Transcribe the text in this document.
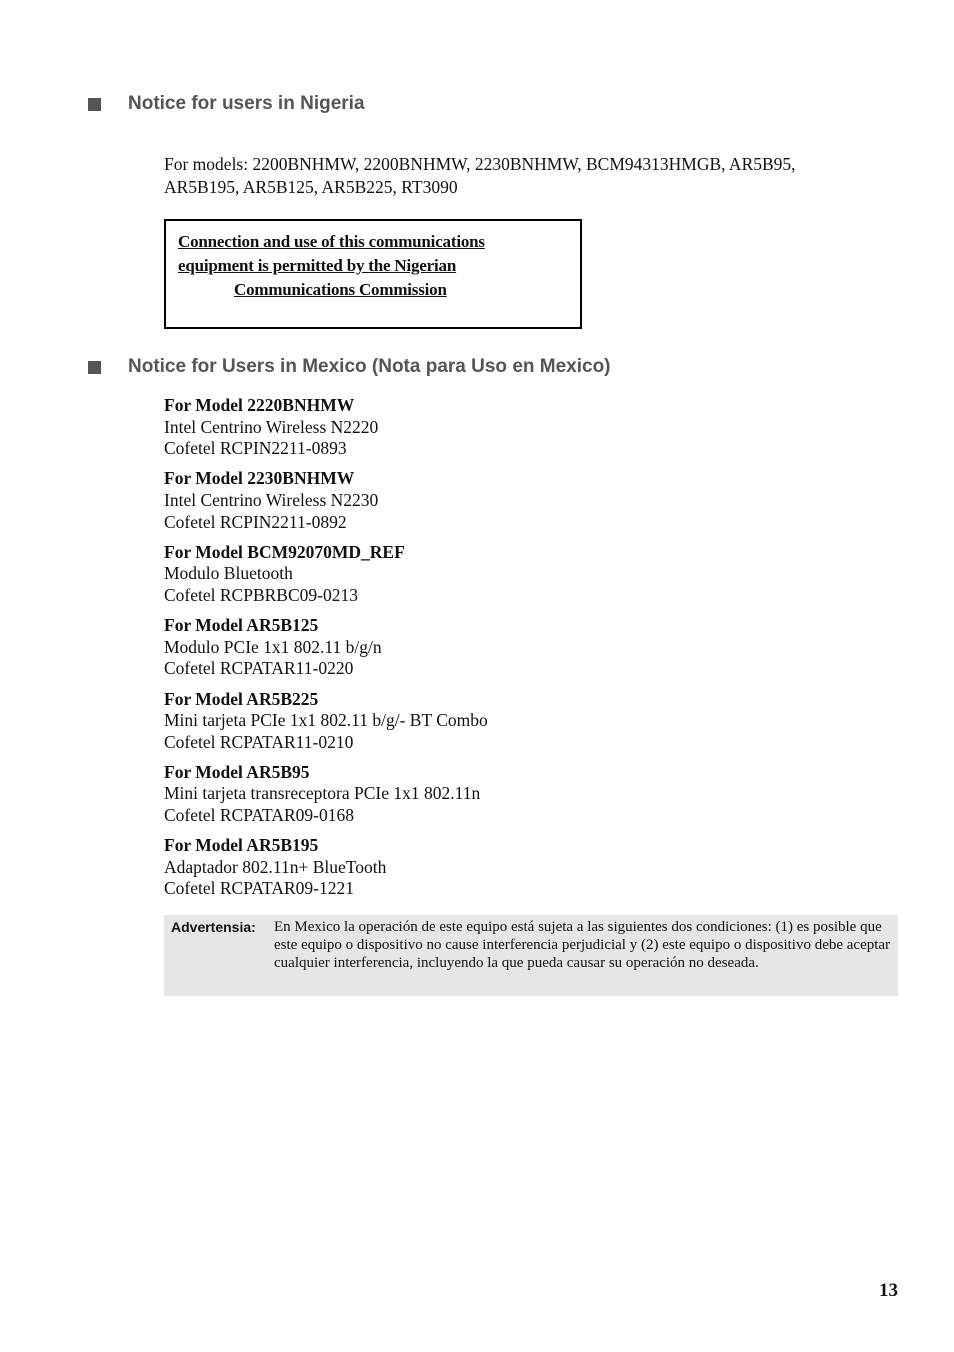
Notice for users in Nigeria
For models: 2200BNHMW, 2200BNHMW, 2230BNHMW, BCM94313HMGB, AR5B95, AR5B195, AR5B125, AR5B225, RT3090
Connection and use of this communications
equipment is permitted by the Nigerian
Communications Commission
Notice for Users in Mexico (Nota para Uso en Mexico)
For Model 2220BNHMW
Intel Centrino Wireless N2220
Cofetel RCPIN2211-0893
For Model 2230BNHMW
Intel Centrino Wireless N2230
Cofetel RCPIN2211-0892
For Model BCM92070MD_REF
Modulo Bluetooth
Cofetel RCPBRBC09-0213
For Model AR5B125
Modulo PCIe 1x1 802.11 b/g/n
Cofetel RCPATAR11-0220
For Model AR5B225
Mini tarjeta PCIe 1x1 802.11 b/g/- BT Combo
Cofetel RCPATAR11-0210
For Model AR5B95
Mini tarjeta transreceptora PCIe 1x1 802.11n
Cofetel RCPATAR09-0168
For Model AR5B195
Adaptador 802.11n+ BlueTooth
Cofetel RCPATAR09-1221
Advertensia: En Mexico la operación de este equipo está sujeta a las siguientes dos condiciones: (1) es posible que este equipo o dispositivo no cause interferencia perjudicial y (2) este equipo o dispositivo debe aceptar cualquier interferencia, incluyendo la que pueda causar su operación no deseada.
13
